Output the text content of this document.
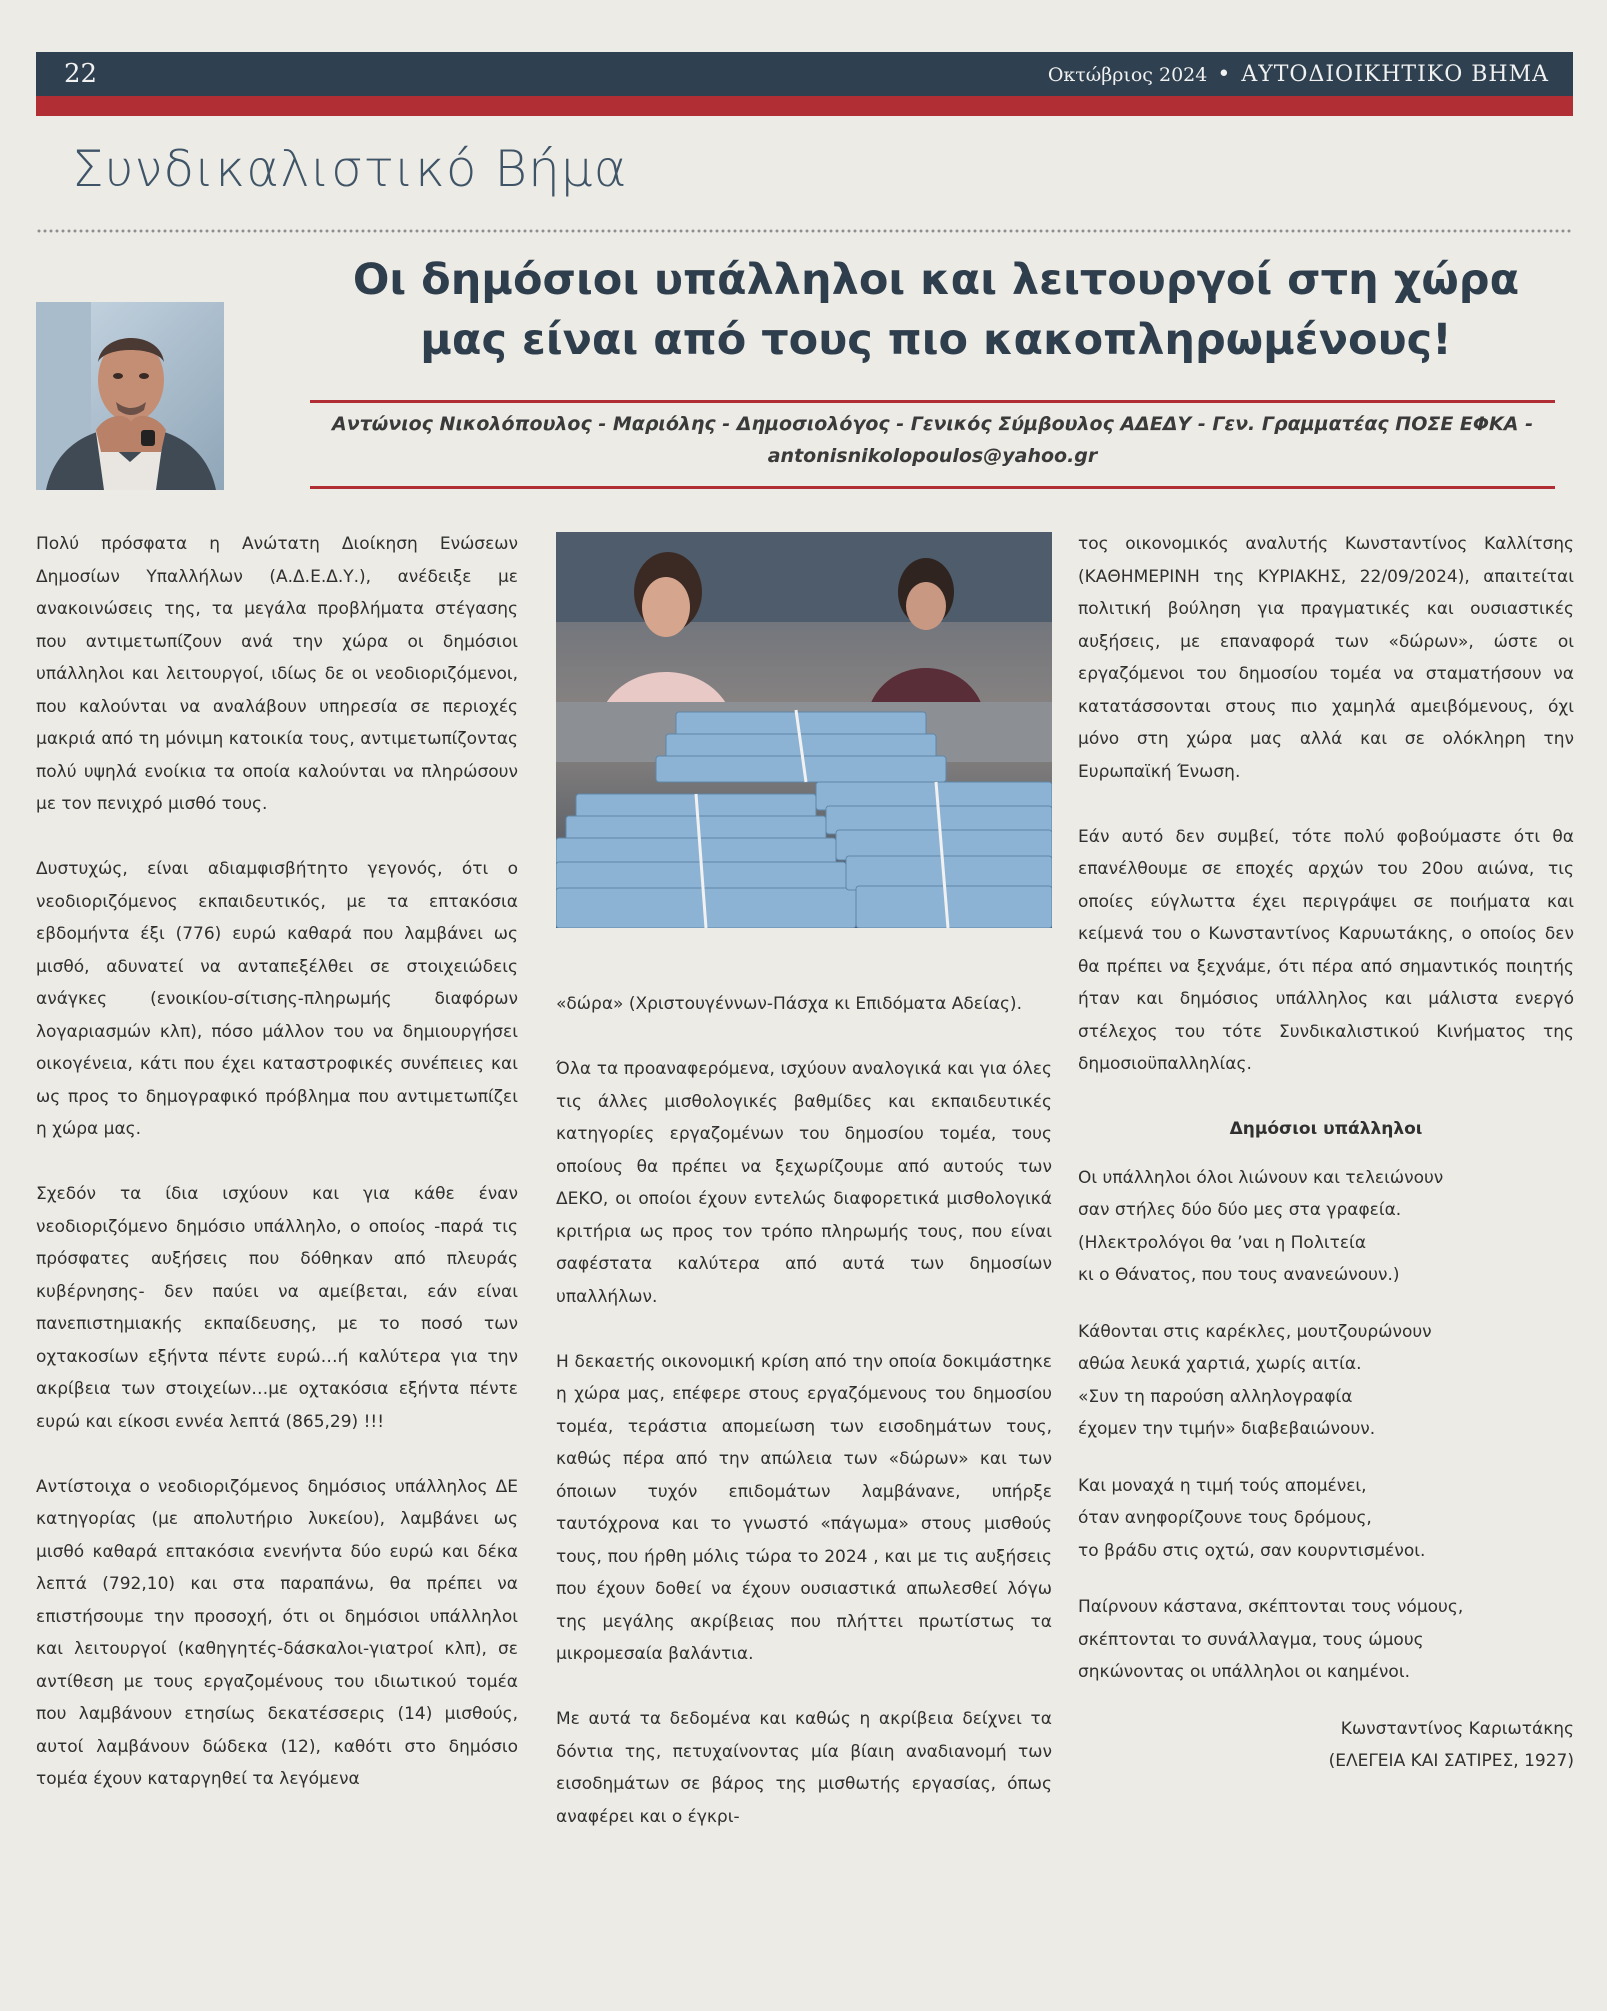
22	Οκτώβριος 2024 • ΑΥΤΟΔΙΟΙΚΗΤΙΚΟ ΒΗΜΑ
Συνδικαλιστικό Βήμα
Οι δημόσιοι υπάλληλοι και λειτουργοί στη χώρα
μας είναι από τους πιο κακοπληρωμένους!
Αντώνιος Νικολόπουλος - Μαριόλης - Δημοσιολόγος - Γενικός Σύμβουλος ΑΔΕΔΥ - Γεν. Γραμματέας ΠΟΣΕ ΕΦΚΑ -
antonisnikolopoulos@yahoo.gr

Πολύ πρόσφατα η Ανώτατη Διοίκηση Ενώσεων Δημοσίων Υπαλλήλων (Α.Δ.Ε.Δ.Υ.), ανέδειξε με ανακοινώσεις της, τα μεγάλα προβλήματα στέγασης που αντιμετωπίζουν ανά την χώρα οι δημόσιοι υπάλληλοι και λειτουργοί, ιδίως δε οι νεοδιοριζόμενοι, που καλούνται να αναλάβουν υπηρεσία σε περιοχές μακριά από τη μόνιμη κατοικία τους, αντιμετωπίζοντας πολύ υψηλά ενοίκια τα οποία καλούνται να πληρώσουν με τον πενιχρό μισθό τους.

Δυστυχώς, είναι αδιαμφισβήτητο γεγονός, ότι ο νεοδιοριζόμενος εκπαιδευτικός, με τα επτακόσια εβδομήντα έξι (776) ευρώ καθαρά που λαμβάνει ως μισθό, αδυνατεί να ανταπεξέλθει σε στοιχειώδεις ανάγκες (ενοικίου-σίτισης-πληρωμής διαφόρων λογαριασμών κλπ), πόσο μάλλον του να δημιουργήσει οικογένεια, κάτι που έχει καταστροφικές συνέπειες και ως προς το δημογραφικό πρόβλημα που αντιμετωπίζει η χώρα μας.

Σχεδόν τα ίδια ισχύουν και για κάθε έναν νεοδιοριζόμενο δημόσιο υπάλληλο, ο οποίος -παρά τις πρόσφατες αυξήσεις που δόθηκαν από πλευράς κυβέρνησης- δεν παύει να αμείβεται, εάν είναι πανεπιστημιακής εκπαίδευσης, με το ποσό των οχτακοσίων εξήντα πέντε ευρώ…ή καλύτερα για την ακρίβεια των στοιχείων…με οχτακόσια εξήντα πέντε ευρώ και είκοσι εννέα λεπτά (865,29) !!!

Αντίστοιχα ο νεοδιοριζόμενος δημόσιος υπάλληλος ΔΕ κατηγορίας (με απολυτήριο λυκείου), λαμβάνει ως μισθό καθαρά επτακόσια ενενήντα δύο ευρώ και δέκα λεπτά (792,10) και στα παραπάνω, θα πρέπει να επιστήσουμε την προσοχή, ότι οι δημόσιοι υπάλληλοι και λειτουργοί (καθηγητές-δάσκαλοι-γιατροί κλπ), σε αντίθεση με τους εργαζομένους του ιδιωτικού τομέα που λαμβάνουν ετησίως δεκατέσσερις (14) μισθούς, αυτοί λαμβάνουν δώδεκα (12), καθότι στο δημόσιο τομέα έχουν καταργηθεί τα λεγόμενα

«δώρα» (Χριστουγέννων-Πάσχα κι Επιδόματα Αδείας).

Όλα τα προαναφερόμενα, ισχύουν αναλογικά και για όλες τις άλλες μισθολογικές βαθμίδες και εκπαιδευτικές κατηγορίες εργαζομένων του δημοσίου τομέα, τους οποίους θα πρέπει να ξεχωρίζουμε από αυτούς των ΔΕΚΟ, οι οποίοι έχουν εντελώς διαφορετικά μισθολογικά κριτήρια ως προς τον τρόπο πληρωμής τους, που είναι σαφέστατα καλύτερα από αυτά των δημοσίων υπαλλήλων.

Η δεκαετής οικονομική κρίση από την οποία δοκιμάστηκε η χώρα μας, επέφερε στους εργαζόμενους του δημοσίου τομέα, τεράστια απομείωση των εισοδημάτων τους, καθώς πέρα από την απώλεια των «δώρων» και των όποιων τυχόν επιδομάτων λαμβάνανε, υπήρξε ταυτόχρονα και το γνωστό «πάγωμα» στους μισθούς τους, που ήρθη μόλις τώρα το 2024 , και με τις αυξήσεις που έχουν δοθεί να έχουν ουσιαστικά απωλεσθεί λόγω της μεγάλης ακρίβειας που πλήττει πρωτίστως τα μικρομεσαία βαλάντια.

Με αυτά τα δεδομένα και καθώς η ακρίβεια δείχνει τα δόντια της, πετυχαίνοντας μία βίαιη αναδιανομή των εισοδημάτων σε βάρος της μισθωτής εργασίας, όπως αναφέρει και ο έγκρι-

τος οικονομικός αναλυτής Κωνσταντίνος Καλλίτσης (ΚΑΘΗΜΕΡΙΝΗ της ΚΥΡΙΑΚΗΣ, 22/09/2024), απαιτείται πολιτική βούληση για πραγματικές και ουσιαστικές αυξήσεις, με επαναφορά των «δώρων», ώστε οι εργαζόμενοι του δημοσίου τομέα να σταματήσουν να κατατάσσονται στους πιο χαμηλά αμειβόμενους, όχι μόνο στη χώρα μας αλλά και σε ολόκληρη την Ευρωπαϊκή Ένωση.

Εάν αυτό δεν συμβεί, τότε πολύ φοβούμαστε ότι θα επανέλθουμε σε εποχές αρχών του 20ου αιώνα, τις οποίες εύγλωττα έχει περιγράψει σε ποιήματα και κείμενά του ο Κωνσταντίνος Καρυωτάκης, ο οποίος δεν θα πρέπει να ξεχνάμε, ότι πέρα από σημαντικός ποιητής ήταν και δημόσιος υπάλληλος και μάλιστα ενεργό στέλεχος του τότε Συνδικαλιστικού Κινήματος της δημοσιοϋπαλληλίας.

Δημόσιοι υπάλληλοι
Οι υπάλληλοι όλοι λιώνουν και τελειώνουν
σαν στήλες δύο δύο μες στα γραφεία.
(Ηλεκτρολόγοι θα ’ναι η Πολιτεία
κι ο Θάνατος, που τους ανανεώνουν.)
Κάθονται στις καρέκλες, μουτζουρώνουν
αθώα λευκά χαρτιά, χωρίς αιτία.
«Συν τη παρούση αλληλογραφία
έχομεν την τιμήν» διαβεβαιώνουν.
Και μοναχά η τιμή τούς απομένει,
όταν ανηφορίζουνε τους δρόμους,
το βράδυ στις οχτώ, σαν κουρντισμένοι.
Παίρνουν κάστανα, σκέπτονται τους νόμους,
σκέπτονται το συνάλλαγμα, τους ώμους
σηκώνοντας οι υπάλληλοι οι καημένοι.
Κωνσταντίνος Καριωτάκης
(ΕΛΕΓΕΙΑ ΚΑΙ ΣΑΤΙΡΕΣ, 1927)
